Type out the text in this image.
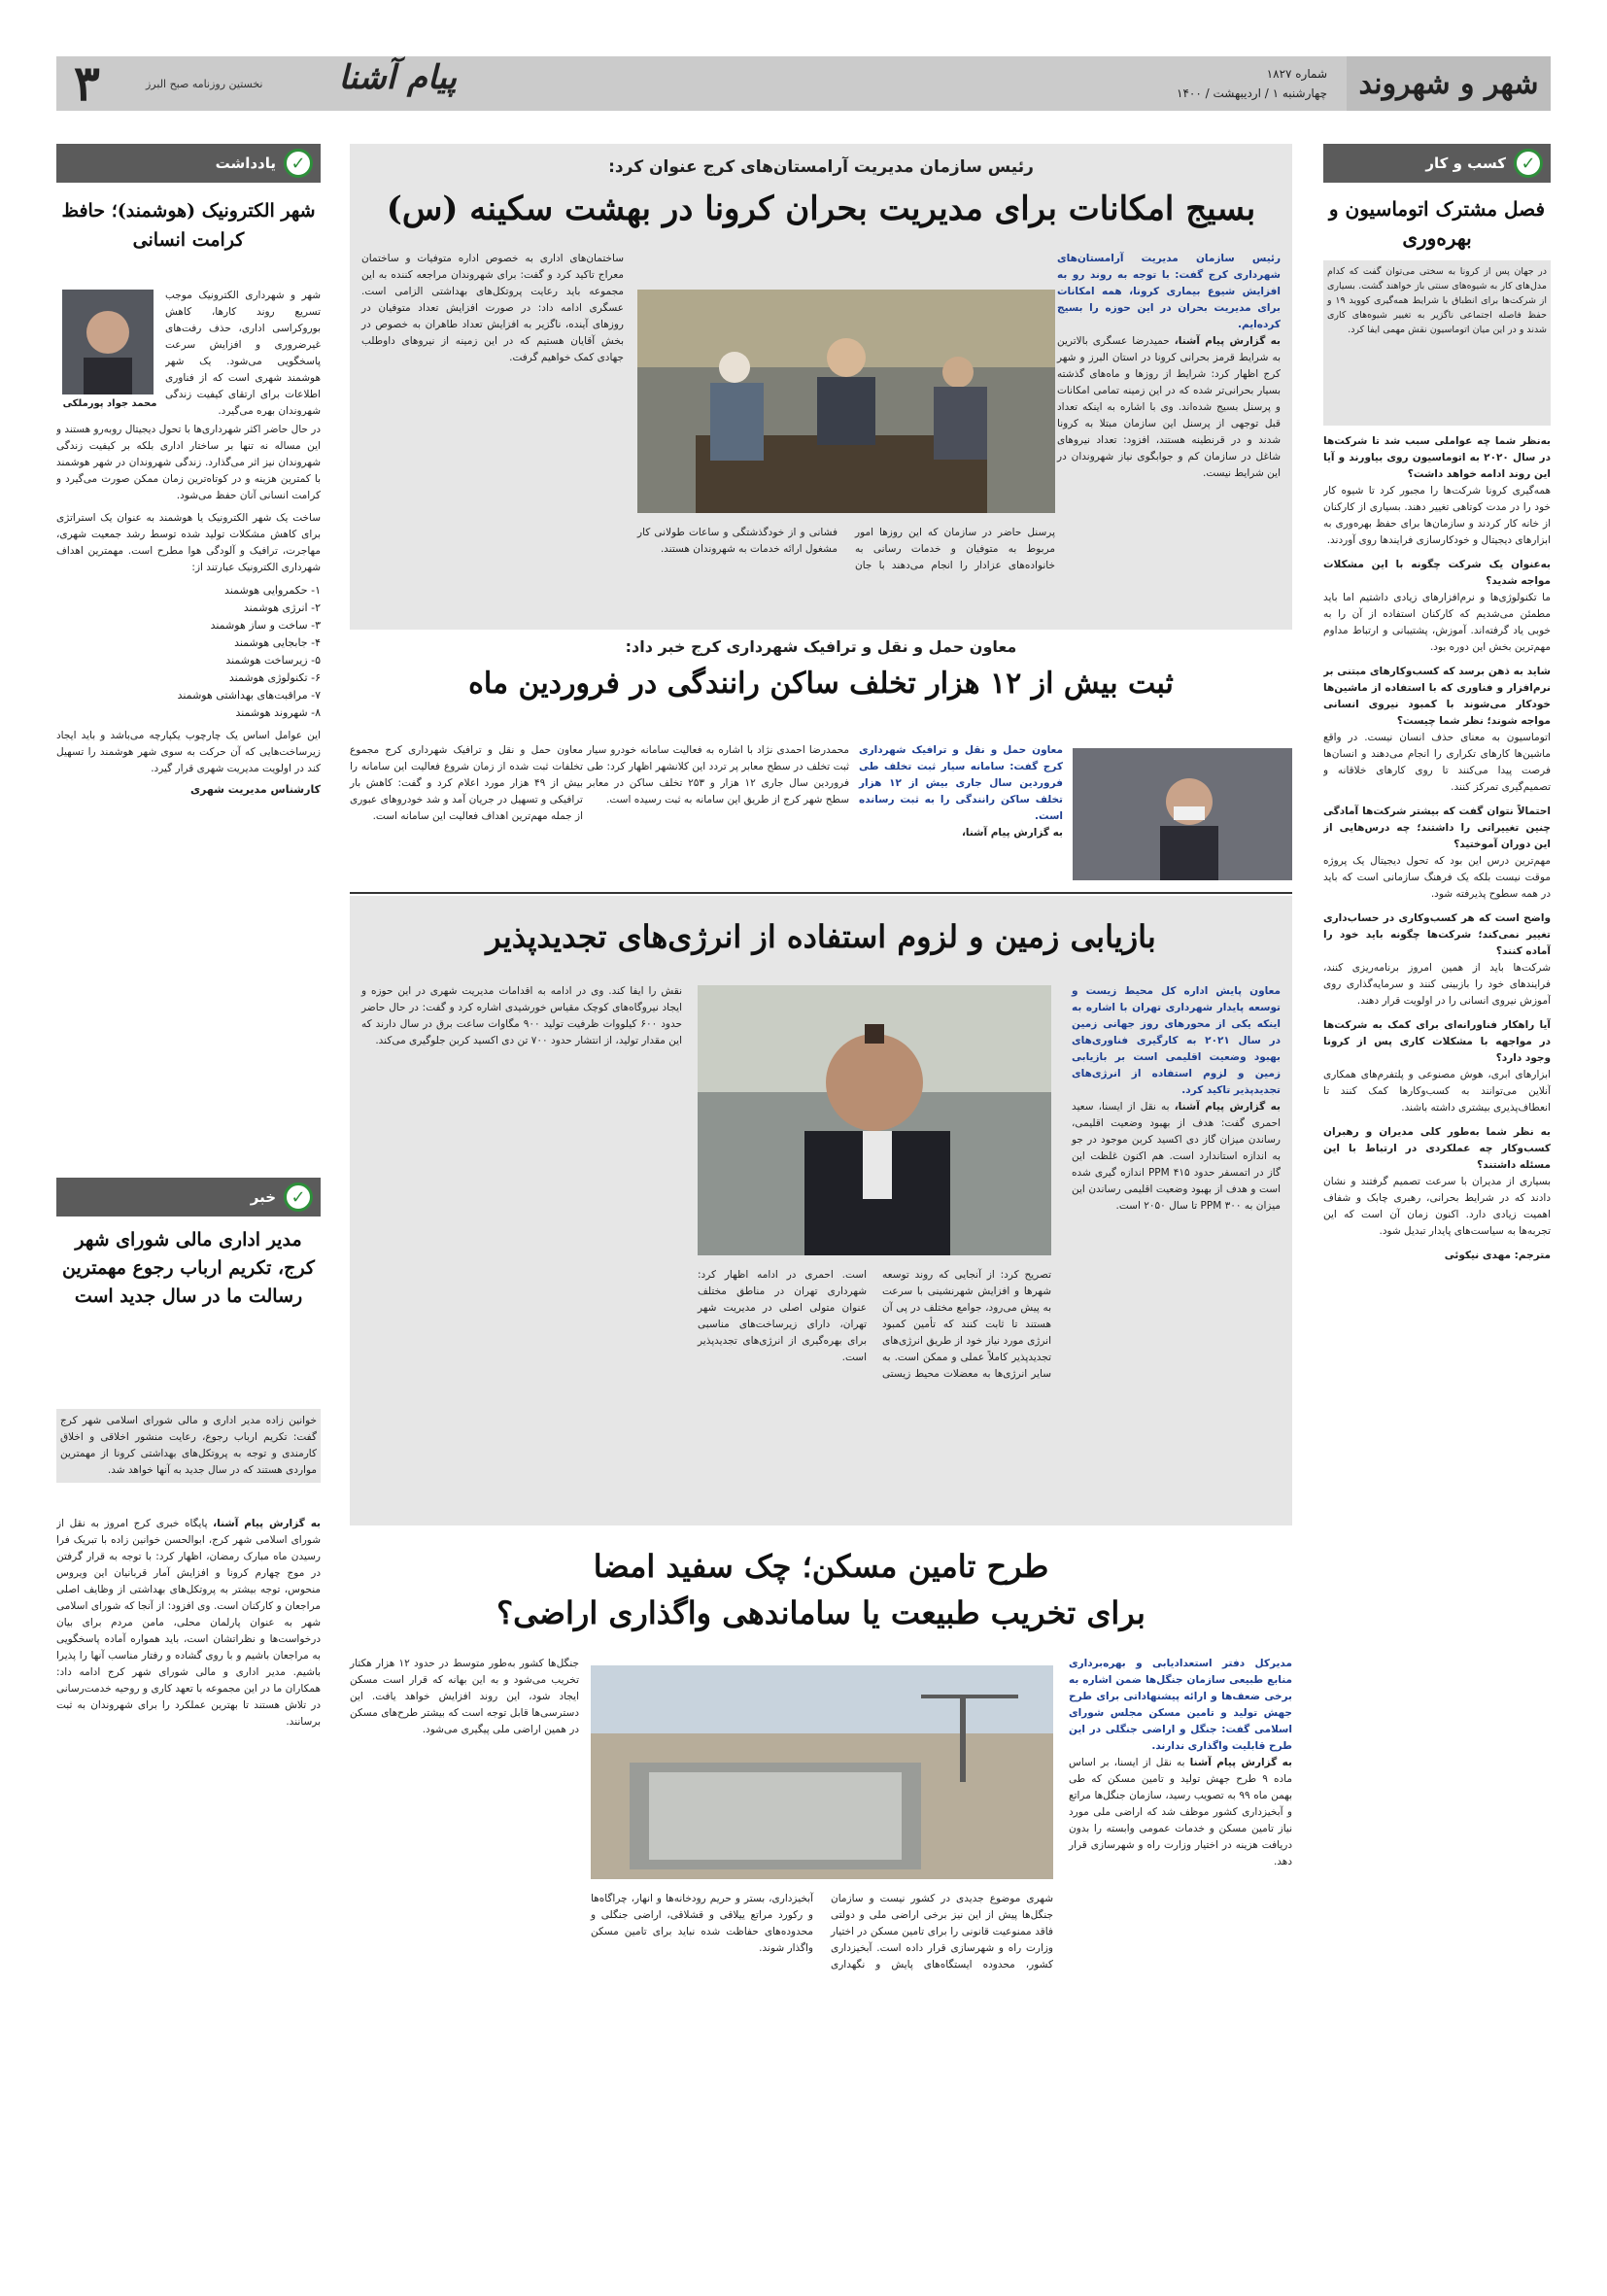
شهر و شهروند
شماره ۱۸۲۷
چهارشنبه ۱ / اردیبهشت / ۱۴۰۰
پیام آشنا
نخستین روزنامه صبح البرز
۳
کسب و کار ✓
فصل مشترک اتوماسیون و بهره‌وری
در جهان پس از کرونا به سختی می‌توان گفت که کدام مدل‌های کار به شیوه‌های سنتی باز خواهند گشت. بسیاری از شرکت‌ها برای انطباق با شرایط همه‌گیری کووید ۱۹ و حفظ فاصله اجتماعی ناگزیر به تغییر شیوه‌های کاری شدند و در این میان اتوماسیون نقش مهمی ایفا کرد.
به‌نظر شما چه عواملی سبب شد تا شرکت‌ها در سال ۲۰۲۰ به اتوماسیون روی بیاورند و آیا این روند ادامه خواهد داشت؟
همه‌گیری کرونا شرکت‌ها را مجبور کرد تا شیوه کار خود را در مدت کوتاهی تغییر دهند. بسیاری از کارکنان از خانه کار کردند و سازمان‌ها برای حفظ بهره‌وری به ابزارهای دیجیتال و خودکارسازی فرایندها روی آوردند.
به‌عنوان یک شرکت چگونه با این مشکلات مواجه شدید؟
ما تکنولوژی‌ها و نرم‌افزارهای زیادی داشتیم اما باید مطمئن می‌شدیم که کارکنان استفاده از آن را به خوبی یاد گرفته‌اند. آموزش، پشتیبانی و ارتباط مداوم مهم‌ترین بخش این دوره بود.
شاید به ذهن برسد که کسب‌وکارهای مبتنی بر نرم‌افزار و فناوری که با استفاده از ماشین‌ها خودکار می‌شوند با کمبود نیروی انسانی مواجه شوند؛ نظر شما چیست؟
اتوماسیون به معنای حذف انسان نیست. در واقع ماشین‌ها کارهای تکراری را انجام می‌دهند و انسان‌ها فرصت پیدا می‌کنند تا روی کارهای خلاقانه و تصمیم‌گیری تمرکز کنند.
احتمالاً نتوان گفت که بیشتر شرکت‌ها آمادگی چنین تغییراتی را داشتند؛ چه درس‌هایی از این دوران آموختید؟
مهم‌ترین درس این بود که تحول دیجیتال یک پروژه موقت نیست بلکه یک فرهنگ سازمانی است که باید در همه سطوح پذیرفته شود.
واضح است که هر کسب‌وکاری در حساب‌داری تغییر نمی‌کند؛ شرکت‌ها چگونه باید خود را آماده کنند؟
شرکت‌ها باید از همین امروز برنامه‌ریزی کنند، فرایندهای خود را بازبینی کنند و سرمایه‌گذاری روی آموزش نیروی انسانی را در اولویت قرار دهند.
آیا راهکار فناورانه‌ای برای کمک به شرکت‌ها در مواجهه با مشکلات کاری پس از کرونا وجود دارد؟
ابزارهای ابری، هوش مصنوعی و پلتفرم‌های همکاری آنلاین می‌توانند به کسب‌وکارها کمک کنند تا انعطاف‌پذیری بیشتری داشته باشند.
به نظر شما به‌طور کلی مدیران و رهبران کسب‌وکار چه عملکردی در ارتباط با این مسئله داشتند؟
بسیاری از مدیران با سرعت تصمیم گرفتند و نشان دادند که در شرایط بحرانی، رهبری چابک و شفاف اهمیت زیادی دارد. اکنون زمان آن است که این تجربه‌ها به سیاست‌های پایدار تبدیل شود.
مترجم: مهدی نیکوئی
رئیس سازمان مدیریت آرامستان‌های کرج عنوان کرد:
بسیج امکانات برای مدیریت بحران کرونا در بهشت سکینه (س)
رئیس سازمان مدیریت آرامستان‌های شهرداری کرج گفت: با توجه به روند رو به افزایش شیوع بیماری کرونا، همه امکانات برای مدیریت بحران در این حوزه را بسیج کرده‌ایم.
به گزارش پیام آشنا، حمیدرضا عسگری بالاترین به شرایط قرمز بحرانی کرونا در استان البرز و شهر کرج اظهار کرد: شرایط از روزها و ماه‌های گذشته بسیار بحرانی‌تر شده که در این زمینه تمامی امکانات و پرسنل بسیج شده‌اند. وی با اشاره به اینکه تعداد قبل توجهی از پرسنل این سازمان مبتلا به کرونا شدند و در قرنطینه هستند، افزود: تعداد نیروهای شاغل در سازمان کم و جوابگوی نیاز شهروندان در این شرایط نیست.
پرسنل حاضر در سازمان که این روزها امور مربوط به متوفیان و خدمات رسانی به خانواده‌های عزادار را انجام می‌دهند با جان فشانی و از خودگذشتگی و ساعات طولانی کار مشغول ارائه خدمات به شهروندان هستند.
ساختمان‌های اداری به خصوص اداره متوفیات و ساختمان معراج تاکید کرد و گفت: برای شهروندان مراجعه کننده به این مجموعه باید رعایت پروتکل‌های بهداشتی الزامی است. عسگری ادامه داد: در صورت افزایش تعداد متوفیان در روزهای آینده، ناگزیر به افزایش تعداد طاهران به خصوص در بخش آقایان هستیم که در این زمینه از نیروهای داوطلب جهادی کمک خواهیم گرفت.
معاون حمل و نقل و ترافیک شهرداری کرج خبر داد:
ثبت بیش از ۱۲ هزار تخلف ساکن رانندگی در فروردین ماه
معاون حمل و نقل و ترافیک شهرداری کرج گفت: سامانه سیار ثبت تخلف طی فروردین سال جاری بیش از ۱۲ هزار تخلف ساکن رانندگی را به ثبت رسانده است.
به گزارش پیام آشنا،
محمدرضا احمدی نژاد با اشاره به فعالیت سامانه خودرو سیار ثبت تخلف در سطح معابر پر تردد این کلانشهر اظهار کرد: طی فروردین سال جاری ۱۲ هزار و ۲۵۳ تخلف ساکن در معابر سطح شهر کرج از طریق این سامانه به ثبت رسیده است.
معاون حمل و نقل و ترافیک شهرداری کرج مجموع تخلفات ثبت شده از زمان شروع فعالیت این سامانه را بیش از ۴۹ هزار مورد اعلام کرد و گفت: کاهش بار ترافیکی و تسهیل در جریان آمد و شد خودروهای عبوری از جمله مهم‌ترین اهداف فعالیت این سامانه است.
بازیابی زمین و لزوم استفاده از انرژی‌های تجدیدپذیر
معاون پایش اداره کل محیط زیست و توسعه پایدار شهرداری تهران با اشاره به اینکه یکی از محورهای روز جهانی زمین در سال ۲۰۲۱ به کارگیری فناوری‌های بهبود وضعیت اقلیمی است بر بازیابی زمین و لزوم استفاده از انرژی‌های تجدیدپذیر تاکید کرد.
به گزارش پیام آشنا، به نقل از ایسنا، سعید احمری گفت: هدف از بهبود وضعیت اقلیمی، رساندن میزان گاز دی اکسید کربن موجود در جو به اندازه استاندارد است. هم اکنون غلظت این گاز در اتمسفر حدود ۴۱۵ PPM اندازه گیری شده است و هدف از بهبود وضعیت اقلیمی رساندن این میزان به ۳۰۰ PPM تا سال ۲۰۵۰ است.
تصریح کرد: از آنجایی که روند توسعه شهرها و افزایش شهرنشینی با سرعت به پیش می‌رود، جوامع مختلف در پی آن هستند تا ثابت کنند که تأمین کمبود انرژی مورد نیاز خود از طریق انرژی‌های تجدیدپذیر کاملاً عملی و ممکن است. به سایر انرژی‌ها به معضلات محیط زیستی است. احمری در ادامه اظهار کرد: شهرداری تهران در مناطق مختلف عنوان متولی اصلی در مدیریت شهر تهران، دارای زیرساخت‌های مناسبی برای بهره‌گیری از انرژی‌های تجدیدپذیر است.
نقش را ایفا کند. وی در ادامه به اقدامات مدیریت شهری در این حوزه و ایجاد نیروگاه‌های کوچک مقیاس خورشیدی اشاره کرد و گفت: در حال حاضر حدود ۶۰۰ کیلووات ظرفیت تولید ۹۰۰ مگاوات ساعت برق در سال دارند که این مقدار تولید، از انتشار حدود ۷۰۰ تن دی اکسید کربن جلوگیری می‌کند.
طرح تامین مسکن؛ چک سفید امضا
برای تخریب طبیعت یا ساماندهی واگذاری اراضی؟
مدیرکل دفتر استعدادیابی و بهره‌برداری منابع طبیعی سازمان جنگل‌ها ضمن اشاره به برخی ضعف‌ها و ارائه پیشنهاداتی برای طرح جهش تولید و تامین مسکن مجلس شورای اسلامی گفت: جنگل و اراضی جنگلی در این طرح قابلیت واگذاری ندارند.
به گزارش پیام آشنا به نقل از ایسنا، بر اساس ماده ۹ طرح جهش تولید و تامین مسکن که طی بهمن ماه ۹۹ به تصویب رسید، سازمان جنگل‌ها مراتع و آبخیزداری کشور موظف شد که اراضی ملی مورد نیاز تامین مسکن و خدمات عمومی وابسته را بدون دریافت هزینه در اختیار وزارت راه و شهرسازی قرار دهد.
شهری موضوع جدیدی در کشور نیست و سازمان جنگل‌ها پیش از این نیز برخی اراضی ملی و دولتی فاقد ممنوعیت قانونی را برای تامین مسکن در اختیار وزارت راه و شهرسازی قرار داده است. آبخیزداری کشور، محدوده ایستگاه‌های پایش و نگهداری آبخیزداری، بستر و حریم رودخانه‌ها و انهار، چراگاه‌ها و رکورد مراتع ییلاقی و قشلاقی، اراضی جنگلی و محدوده‌های حفاظت شده نباید برای تامین مسکن واگذار شوند.
جنگل‌ها کشور به‌طور متوسط در حدود ۱۲ هزار هکتار تخریب می‌شود و به این بهانه که قرار است مسکن ایجاد شود، این روند افزایش خواهد یافت. این دسترسی‌ها قابل توجه است که بیشتر طرح‌های مسکن در همین اراضی ملی پیگیری می‌شود.
یادداشت ✓
شهر الکترونیک (هوشمند)؛ حافظ کرامت انسانی
محمد جواد پورملکی
شهر و شهرداری الکترونیک موجب تسریع روند کارها، کاهش بوروکراسی اداری، حذف رفت‌های غیرضروری و افزایش سرعت پاسخگویی می‌شود. یک شهر هوشمند شهری است که از فناوری اطلاعات برای ارتقای کیفیت زندگی شهروندان بهره می‌گیرد.
در حال حاضر اکثر شهرداری‌ها با تحول دیجیتال روبه‌رو هستند و این مساله نه تنها بر ساختار اداری بلکه بر کیفیت زندگی شهروندان نیز اثر می‌گذارد. زندگی شهروندان در شهر هوشمند با کمترین هزینه و در کوتاه‌ترین زمان ممکن صورت می‌گیرد و کرامت انسانی آنان حفظ می‌شود.
ساخت یک شهر الکترونیک یا هوشمند به عنوان یک استراتژی برای کاهش مشکلات تولید شده توسط رشد جمعیت شهری، مهاجرت، ترافیک و آلودگی هوا مطرح است. مهمترین اهداف شهرداری الکترونیک عبارتند از:
۱- حکمروایی هوشمند
۲- انرژی هوشمند
۳- ساخت و ساز هوشمند
۴- جابجایی هوشمند
۵- زیرساخت هوشمند
۶- تکنولوژی هوشمند
۷- مراقبت‌های بهداشتی هوشمند
۸- شهروند هوشمند
این عوامل اساس یک چارچوب یکپارچه می‌باشد و باید ایجاد زیرساخت‌هایی که آن حرکت به سوی شهر هوشمند را تسهیل کند در اولویت مدیریت شهری قرار گیرد.
کارشناس مدیریت شهری
خبر ✓
مدیر اداری مالی شورای شهر کرج، تکریم ارباب رجوع مهمترین رسالت ما در سال جدید است
خوانین زاده مدیر اداری و مالی شورای اسلامی شهر کرج گفت: تکریم ارباب رجوع، رعایت منشور اخلاقی و اخلاق کارمندی و توجه به پروتکل‌های بهداشتی کرونا از مهمترین مواردی هستند که در سال جدید به آنها خواهد شد.
به گزارش پیام آشنا، پایگاه خبری کرج امروز به نقل از شورای اسلامی شهر کرج، ابوالحسن خوانین زاده با تبریک فرا رسیدن ماه مبارک رمضان، اظهار کرد: با توجه به قرار گرفتن در موج چهارم کرونا و افزایش آمار قربانیان این ویروس منحوس، توجه بیشتر به پروتکل‌های بهداشتی از وظایف اصلی مراجعان و کارکنان است. وی افزود: از آنجا که شورای اسلامی شهر به عنوان پارلمان محلی، مامن مردم برای بیان درخواست‌ها و نظراتشان است، باید همواره آماده پاسخگویی به مراجعان باشیم و با روی گشاده و رفتار مناسب آنها را پذیرا باشیم. مدیر اداری و مالی شورای شهر کرج ادامه داد: همکاران ما در این مجموعه با تعهد کاری و روحیه خدمت‌رسانی در تلاش هستند تا بهترین عملکرد را برای شهروندان به ثبت برسانند.
